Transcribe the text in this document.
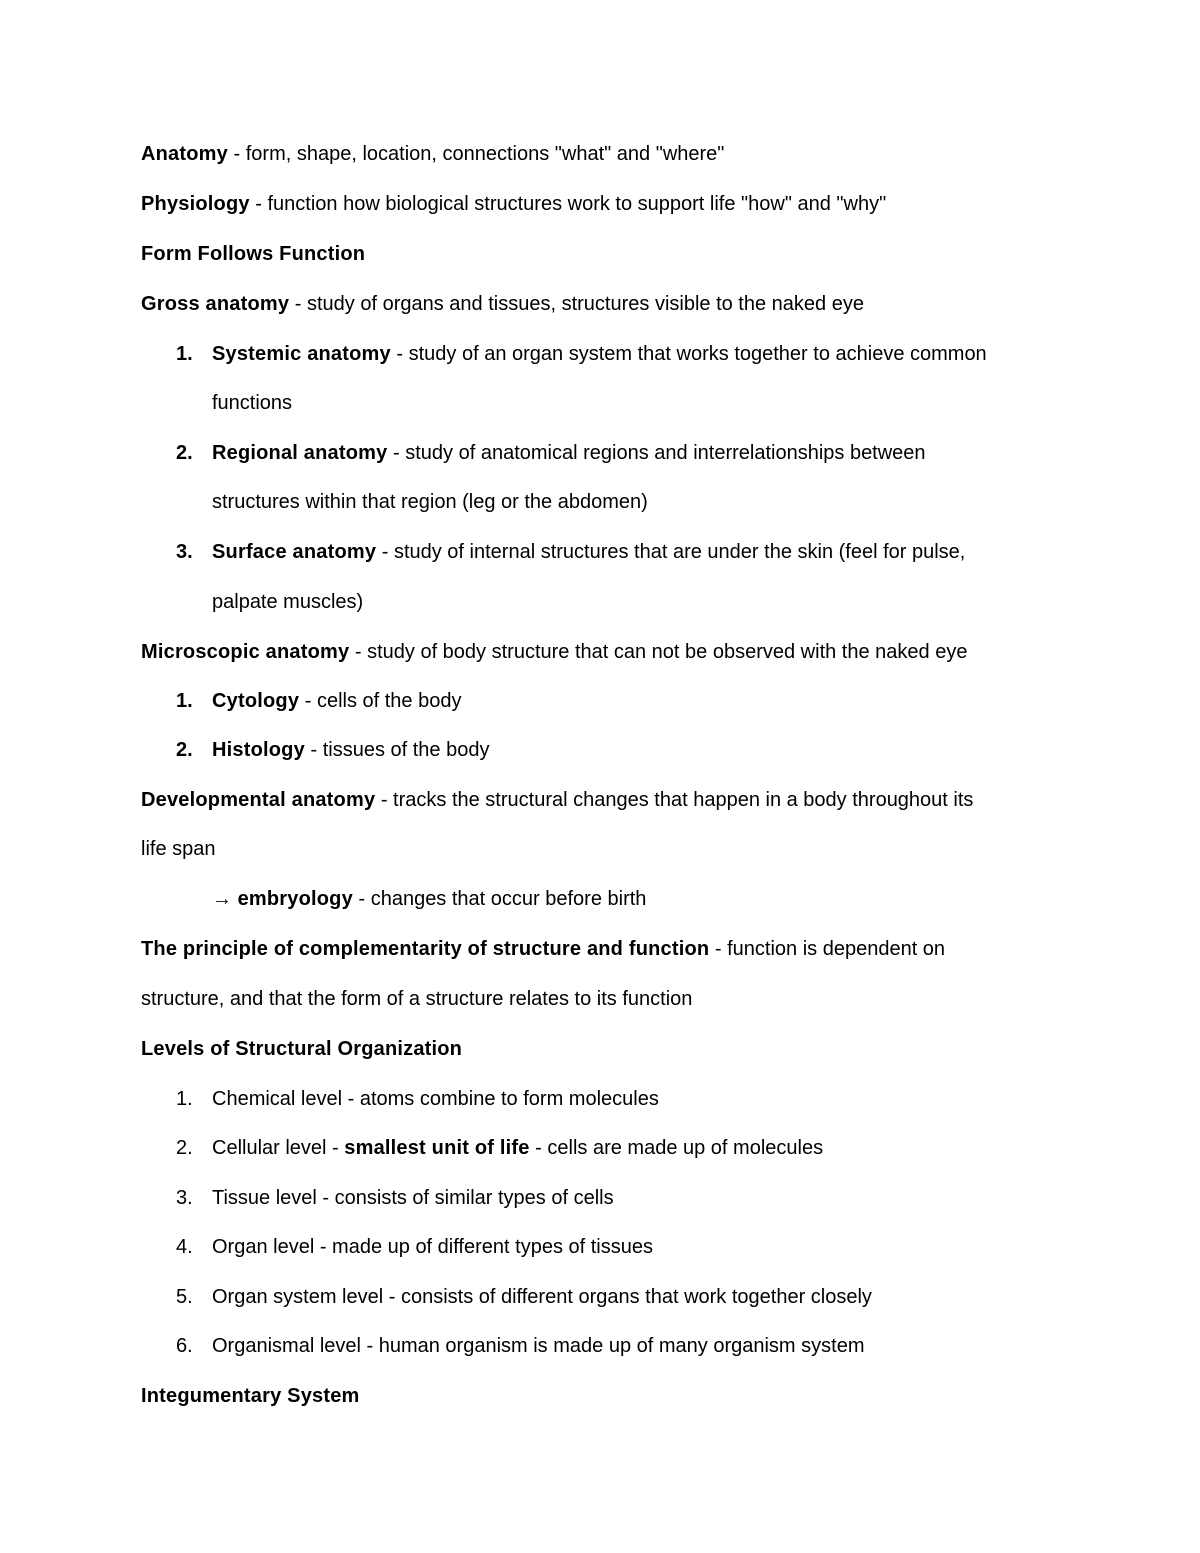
Anatomy - form, shape, location, connections "what" and "where"
Physiology - function how biological structures work to support life "how" and "why"
Form Follows Function
Gross anatomy - study of organs and tissues, structures visible to the naked eye
1. Systemic anatomy - study of an organ system that works together to achieve common
functions
2. Regional anatomy - study of anatomical regions and interrelationships between
structures within that region (leg or the abdomen)
3. Surface anatomy - study of internal structures that are under the skin (feel for pulse,
palpate muscles)
Microscopic anatomy - study of body structure that can not be observed with the naked eye
1. Cytology - cells of the body
2. Histology - tissues of the body
Developmental anatomy - tracks the structural changes that happen in a body throughout its
life span
→ embryology - changes that occur before birth
The principle of complementarity of structure and function - function is dependent on
structure, and that the form of a structure relates to its function
Levels of Structural Organization
1. Chemical level - atoms combine to form molecules
2. Cellular level - smallest unit of life - cells are made up of molecules
3. Tissue level - consists of similar types of cells
4. Organ level - made up of different types of tissues
5. Organ system level - consists of different organs that work together closely
6. Organismal level - human organism is made up of many organism system
Integumentary System
